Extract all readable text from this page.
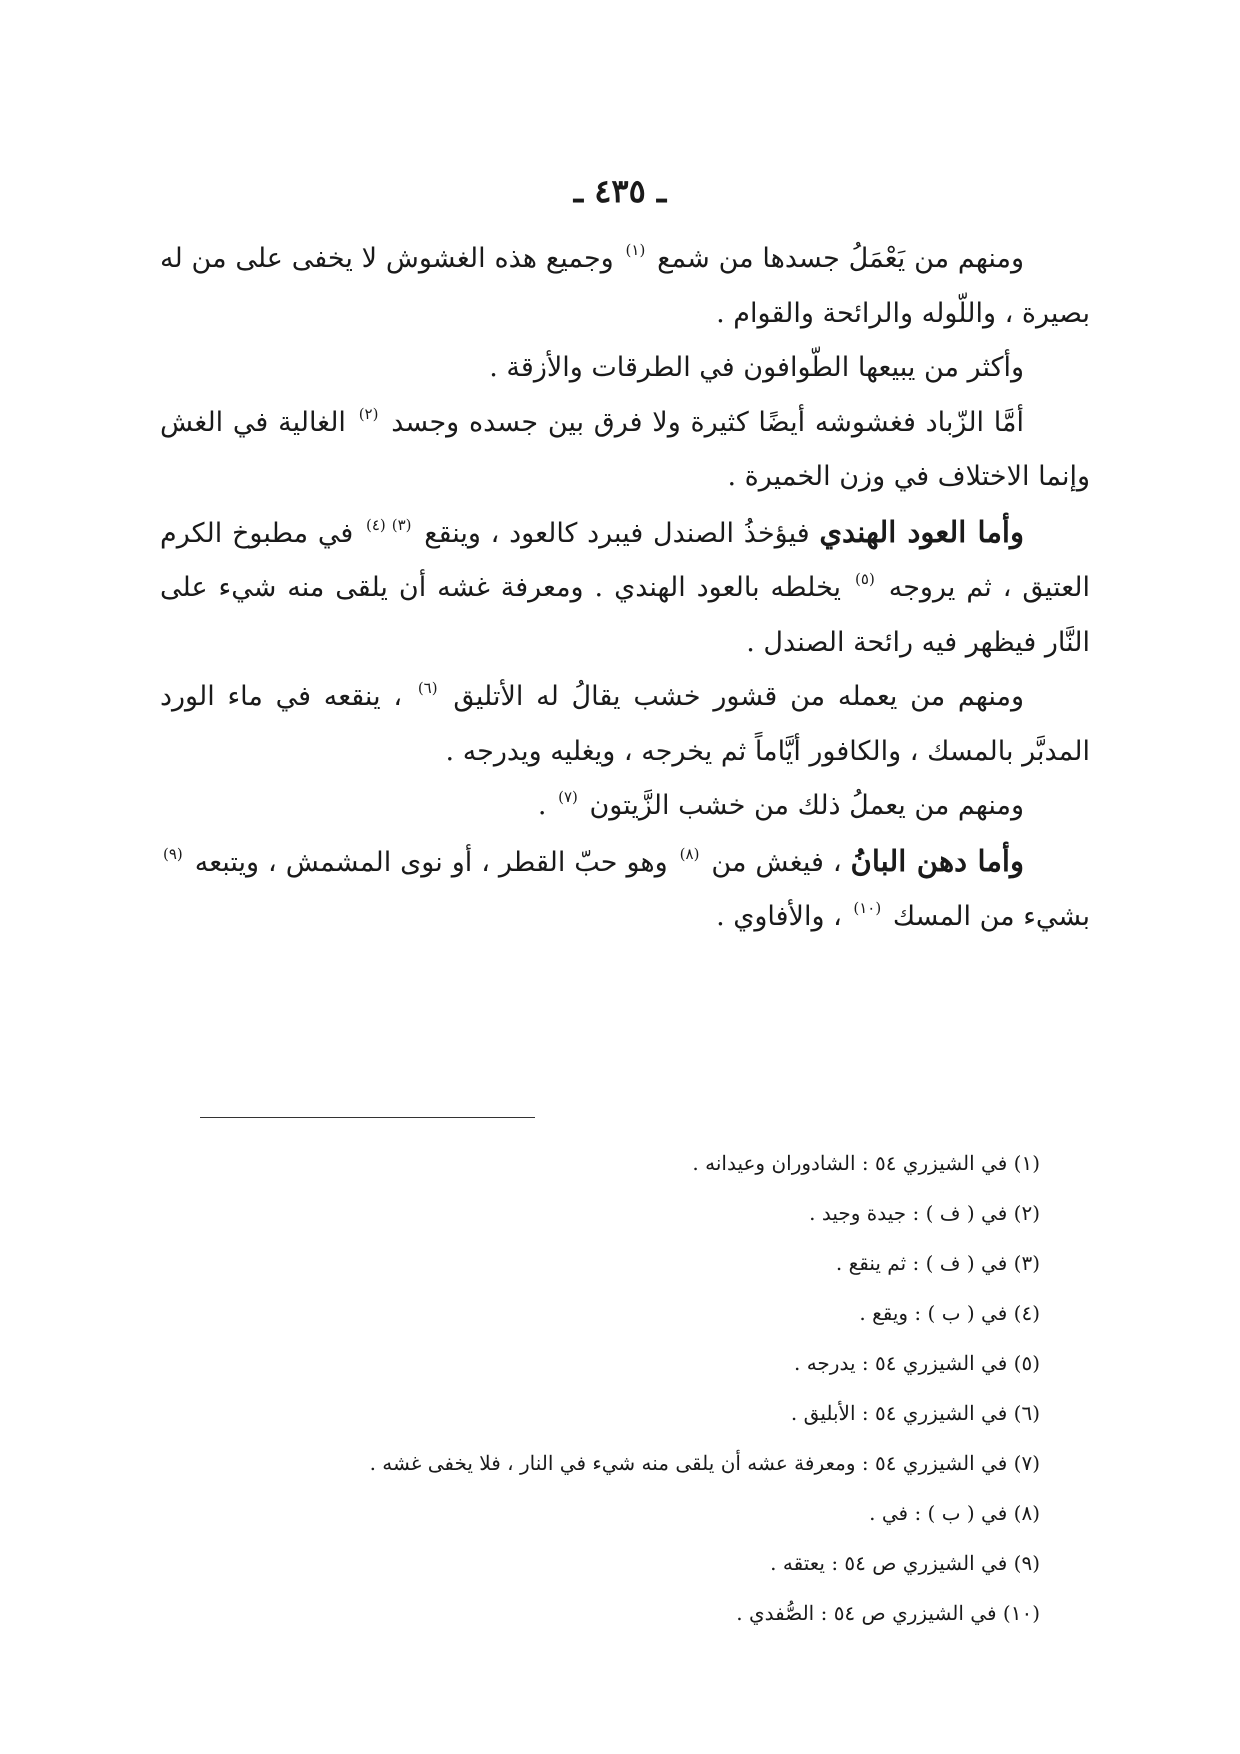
ـ ٤٣٥ ـ

ومنهم من يَعْمَلُ جسدها من شمع $^{(١)}$ وجميع هذه الغشوش لا يخفى على من له بصيرة ، واللّوله والرائحة والقوام .

وأكثر من يبيعها الطّوافون في الطرقات والأزقة .

أمَّا الزّباد فغشوشه أيضًا كثيرة ولا فرق بين جسده وجسد $^{(٢)}$ الغالية في الغش وإنما الاختلاف في وزن الخميرة .

وأما العود الهندي فيؤخذُ الصندل فيبرد كالعود ، وينقع $^{(٣)(٤)}$ في مطبوخ الكرم العتيق ، ثم يروجه $^{(٥)}$ يخلطه بالعود الهندي . ومعرفة غشه أن يلقى منه شيء على النَّار فيظهر فيه رائحة الصندل .

ومنهم من يعمله من قشور خشب يقالُ له الأتليق $^{(٦)}$ ، ينقعه في ماء الورد المدبَّر بالمسك ، والكافور أيَّاماً ثم يخرجه ، ويغليه ويدرجه .

ومنهم من يعملُ ذلك من خشب الزَّيتون $^{(٧)}$ .

وأما دهن البانُ ، فيغش من $^{(٨)}$ وهو حبّ القطر ، أو نوى المشمش ، ويتبعه $^{(٩)}$ بشيء من المسك $^{(١٠)}$ ، والأفاوي .

(١) في الشيزري ٥٤ : الشادوران وعيدانه .

(٢) في ( ف ) : جيدة وجيد .

(٣) في ( ف ) : ثم ينقع .

(٤) في ( ب ) : ويقع .

(٥) في الشيزري ٥٤ : يدرجه .

(٦) في الشيزري ٥٤ : الأبليق .

(٧) في الشيزري ٥٤ : ومعرفة عشه أن يلقى منه شيء في النار ، فلا يخفى غشه .

(٨) في ( ب ) : في .

(٩) في الشيزري ص ٥٤ : يعتقه .

(١٠) في الشيزري ص ٥٤ : الصُّفدي .
